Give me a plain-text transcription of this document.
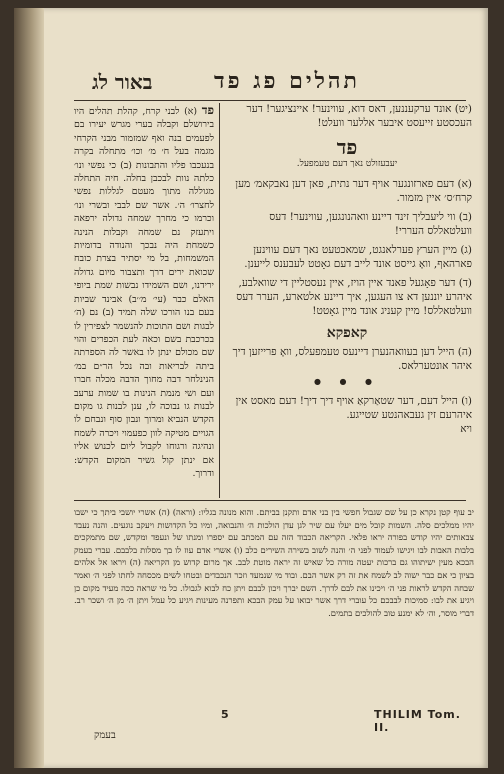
באור לג	תהלים פג פד

(יט) אונד ערקעננען, דאס דוא, עווינער! איינציגער! דער העכסטע זייעסט איבער אללער וועלט!

פד

יעבעזולט נאך דעם טעמפעל.

(א) דעם פארזונגער אויף דער נתית, פאן דען נאבקאמ׳ מען קרח׳ס׳ איין מזמור.

(ב) ווי ליעבליך זינד דיינע וואהנונגען, עווינער! דעס וועלטאללס העררי!

(ג) מיין הערץ פערלאנגט, שמאכטעט נאך דעם עווינען פארהאף, וואָ גייסט אונד לייב דעם גאָטט לעבענס לייענן.

(ד) דער פאָגעל פאנד איין הויז, איין נעסטליין די שוואלבע, איהרע יוננען דא צו העגען, איך דיינע אלטארע, הערר דעס וועלטאללס! מיין קעניג אונד מיין גאָטט!

קאפקא

(ה) הייל דען בעוואהנערן דיינעס טעמפעלס, וואָ פרייזען דיך איהר אונטערלאס.

● ● ●

(ו) הייל דעם, דער שטאַרקאַ אויף דיך דיך! דעם מאסט אין איהרעם זין געבאהנטע שטייגע.

ויא

פד (א) לבני קרח, קהלת תהלים היו בירושלם וקבלה בערי מגרש יעירו בם לפעמים בנה ואף שמזמור מבני הקרחי מגמה בעל ח׳ מ׳ וכו׳ מתחלה בקרה בנעכבו פליו והתבונות (ב) כי נפשי ונו׳ כלתה נוות לבכבן בחלה. חיה התחלה מגוללה מתוך מעטם לגללות נפשי לחצרו׳ ה׳. אשר שם לבבי ובשרי ונו׳ וכרמו כי מחרך שמחה גדולה ירפאה ויתעזק נם שמחה וקבלות הנינה כשמחת היה נבכך והנודה בדומיות המשמחות, בל מי יסתיר בצרת כובח שכואת ירים דרך ותצבור מיום גדולה ירידנו, ושם השמידו נבשות שמת ביופי האלם כבר (עי׳ מ׳׳ב) אבינד שביות בעם בנו הורכו שלה תמיד (ב) נם (ה׳ לבגות ושם התוכות להנשמר לצפירין לו בכרכבת בשם וכאה לעת הכפרים והוי שם מכולם ינתן לו באשר לה הספרתה ביתה לבריאות ובה נכל הר״ם במ׳ הנינלחר דבה מחוך הדבה מכלה חברו ועם ושי מנמת הנינות בו שמות ערעב לבנות גו נבוכה לו, ענן לבנות גו מקום הקדש הנביא ומרוך ונבון סוף ונבחם לו הגויים מטיקה לוון כפעמוי ויכרה לשמח ונהיגה ורגוחו לקבול ליום לכנוש אליו אם ינתן קול גשיר המקום הקדש: ודרוך.
יב עוף קטן נקרא כן על שם שגבול חפשי בין בני אדם ותקנן בביתם. והוא מנונה בגליו: (וראה) (ה) אשרי יושבי ביתך כי ישבו יהיו ממלכים סלה. השמות קובל מים יעלו עם שיר לגן עדן הולכות ה׳ והנבואה, ומיו כל הקדושות ויעקב נוגעים. והנה נעבד צבאותים יהיו קודש בפורה יראו פלאי. הקריאה הכבוד הזה עם המכתב עם יספרו ומנתו של ונעפד ומקדש, שם מתמקכים בלבות האבות לבו ויגישו לעמוד לפני ה׳ והנה לשוב בשירה השירים כלב (ו) אשרי אדם עוז לו בך מסלות בלבבם. עברי בעמק הבכא מעין ישיתוהו גם ברכות יעטה מורה כל שאיש זה יראה מוטת לבב. אך מרום קדוש מן הקריאה (ה) ויראו אל אלהים בציון כי אם כבר ישוה לב לשמח את זה רק אשר הבם. ובוד מי שנמעד וזכר הנכבדים ובטחו לשים מכסחה לחתו לפני ה׳ ואמר שבחה הקדש לראות פני ה׳ ויכינו את לבם לדרך. השם יברך ויכון לבבם ויתן כח לבוא לגבולו. כל מי שראה ככה מעיד מקום כן ויגיע את לבו: סמיכות לבבכם כל עוברי דרך אשר יבואו על עמק הבכא ותפרנה מעינות ויגיע כל עמל ויתן ה׳ מן ה׳ ושכר רב. דברי מוסר, וה׳ לא ימנע טוב להולכים בתמים.
THILIM Tom. II.
5
בעמק
